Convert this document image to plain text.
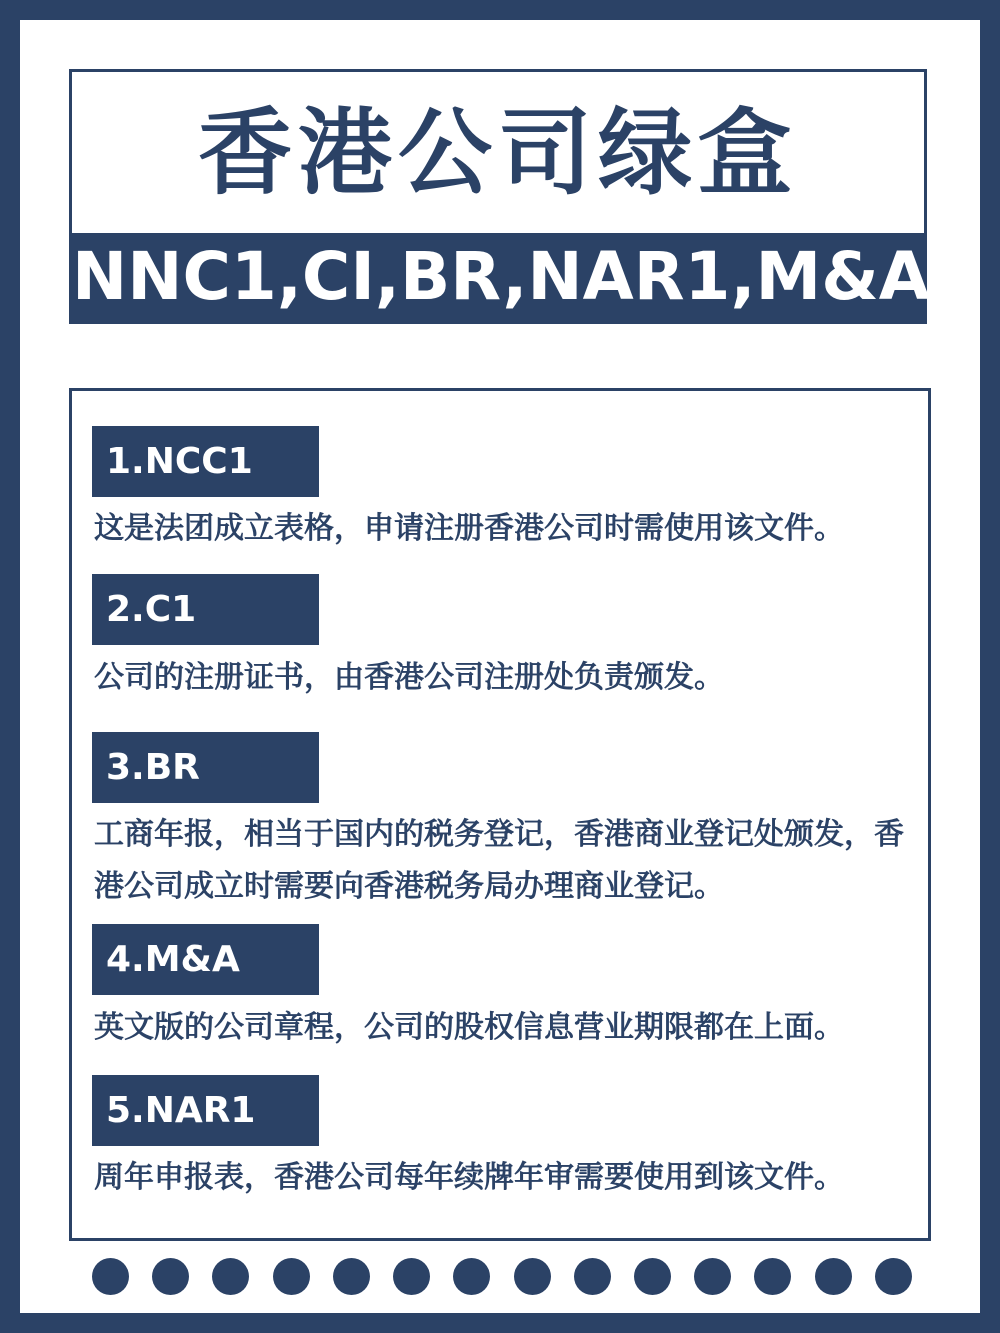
香港公司绿盒
NNC1,CI,BR,NAR1,M&A
1.NCC1
这是法团成立表格，申请注册香港公司时需使用该文件。
2.C1
公司的注册证书，由香港公司注册处负责颁发。
3.BR
工商年报，相当于国内的税务登记，香港商业登记处颁发，香港公司成立时需要向香港税务局办理商业登记。
4.M&A
英文版的公司章程，公司的股权信息营业期限都在上面。
5.NAR1
周年申报表，香港公司每年续牌年审需要使用到该文件。
